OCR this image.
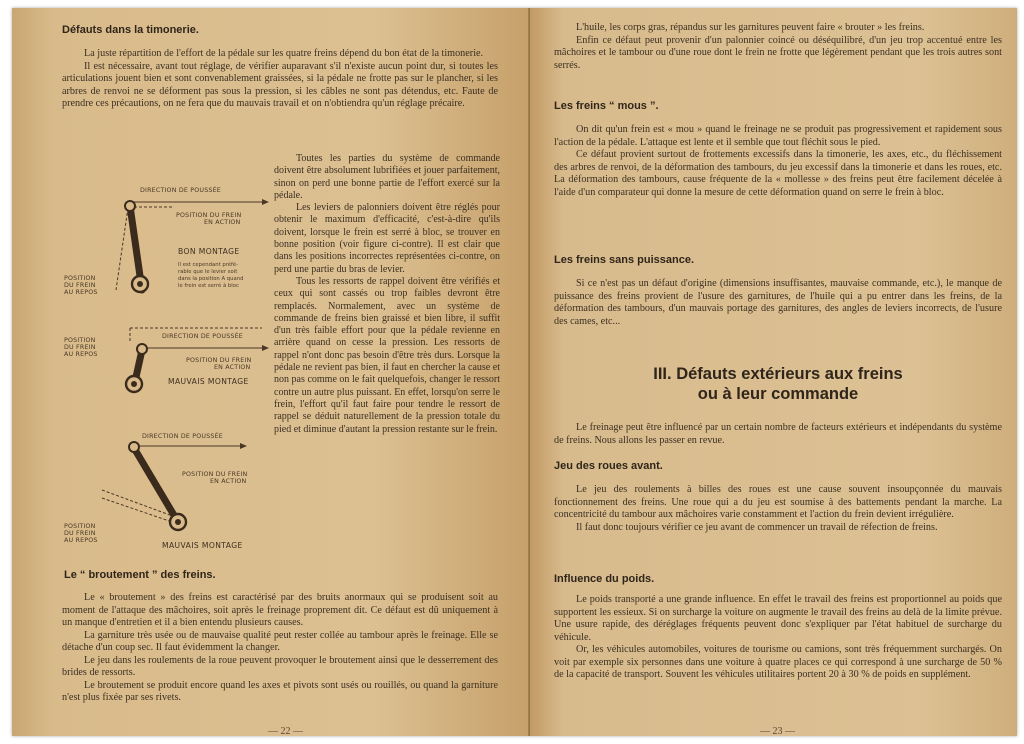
Défauts dans la timonerie.

La juste répartition de l'effort de la pédale sur les quatre freins dépend du bon état de la timonerie.

Il est nécessaire, avant tout réglage, de vérifier auparavant s'il n'existe aucun point dur, si toutes les articulations jouent bien et sont convenablement graissées, si la pédale ne frotte pas sur le plancher, si les arbres de renvoi ne se déforment pas sous la pression, si les câbles ne sont pas détendus, etc. Faute de prendre ces précautions, on ne fera que du mauvais travail et on n'obtiendra qu'un réglage précaire.

Toutes les parties du système de commande doivent être absolument lubrifiées et jouer parfaitement, sinon on perd une bonne partie de l'effort exercé sur la pédale.

Les leviers de palonniers doivent être réglés pour obtenir le maximum d'efficacité, c'est-à-dire qu'ils doivent, lorsque le frein est serré à bloc, se trouver en bonne position (voir figure ci-contre). Il est clair que dans les positions incorrectes représentées ci-contre, on perd une partie du bras de levier.

Tous les ressorts de rappel doivent être vérifiés et ceux qui sont cassés ou trop faibles devront être remplacés. Normalement, avec un système de commande de freins bien graissé et bien libre, il suffit d'un très faible effort pour que la pédale revienne en arrière quand on cesse la pression. Les ressorts de rappel n'ont donc pas besoin d'être très durs. Lorsque la pédale ne revient pas bien, il faut en chercher la cause et non pas comme on le fait quelquefois, changer le ressort contre un autre plus puissant. En effet, lorsqu'on serre le frein, l'effort qu'il faut faire pour tendre le ressort de rappel se déduit naturellement de la pression totale du pied et diminue d'autant la pression restante sur le frein.

DIRECTION DE POUSSÉE
POSITION DU FREIN
EN ACTION
BON MONTAGE
Il est cependant préfé-
rable que le levier soit
dans la position A quand
le frein est serré à bloc
POSITION
DU FREIN
AU REPOS
DIRECTION DE POUSSÉE
POSITION
DU FREIN
AU REPOS
POSITION DU FREIN
EN ACTION
MAUVAIS MONTAGE
DIRECTION DE POUSSÉE
POSITION DU FREIN
EN ACTION
POSITION
DU FREIN
AU REPOS
MAUVAIS MONTAGE
Le “ broutement ” des freins.

Le « broutement » des freins est caractérisé par des bruits anormaux qui se produisent soit au moment de l'attaque des mâchoires, soit après le freinage proprement dit. Ce défaut est dû uniquement à un manque d'entretien et il a bien entendu plusieurs causes.

La garniture très usée ou de mauvaise qualité peut rester collée au tambour après le freinage. Elle se détache d'un coup sec. Il faut évidemment la changer.

Le jeu dans les roulements de la roue peuvent provoquer le broutement ainsi que le desserrement des brides de ressorts.

Le broutement se produit encore quand les axes et pivots sont usés ou rouillés, ou quand la garniture n'est plus fixée par ses rivets.

— 22 —

L'huile, les corps gras, répandus sur les garnitures peuvent faire « brouter » les freins.

Enfin ce défaut peut provenir d'un palonnier coincé ou déséquilibré, d'un jeu trop accentué entre les mâchoires et le tambour ou d'une roue dont le frein ne frotte que légèrement pendant que les trois autres sont serrés.

Les freins “ mous ”.

On dit qu'un frein est « mou » quand le freinage ne se produit pas progressivement et rapidement sous l'action de la pédale. L'attaque est lente et il semble que tout fléchit sous le pied.

Ce défaut provient surtout de frottements excessifs dans la timonerie, les axes, etc., du fléchissement des arbres de renvoi, de la déformation des tambours, du jeu excessif dans la timonerie et dans les roues, etc. La déformation des tambours, cause fréquente de la « mollesse » des freins peut être facilement décelée à l'aide d'un comparateur qui donne la mesure de cette déformation quand on serre le frein à bloc.

Les freins sans puissance.

Si ce n'est pas un défaut d'origine (dimensions insuffisantes, mauvaise commande, etc.), le manque de puissance des freins provient de l'usure des garnitures, de l'huile qui a pu entrer dans les freins, de la déformation des tambours, d'un mauvais portage des garnitures, des angles de leviers incorrects, de l'usure des cames, etc...

III. Défauts extérieurs aux freins
ou à leur commande

Le freinage peut être influencé par un certain nombre de facteurs extérieurs et indépendants du système de freins. Nous allons les passer en revue.

Jeu des roues avant.

Le jeu des roulements à billes des roues est une cause souvent insoupçonnée du mauvais fonctionnement des freins. Une roue qui a du jeu est soumise à des battements pendant la marche. La concentricité du tambour aux mâchoires varie constamment et l'action du frein devient irrégulière.

Il faut donc toujours vérifier ce jeu avant de commencer un travail de réfection de freins.

Influence du poids.

Le poids transporté a une grande influence. En effet le travail des freins est proportionnel au poids que supportent les essieux. Si on surcharge la voiture on augmente le travail des freins au delà de la limite prévue. Une usure rapide, des déréglages fréquents peuvent donc s'expliquer par l'état habituel de surcharge du véhicule.

Or, les véhicules automobiles, voitures de tourisme ou camions, sont très fréquemment surchargés. On voit par exemple six personnes dans une voiture à quatre places ce qui correspond à une surcharge de 50 % de la capacité de transport. Souvent les véhicules utilitaires portent 20 à 30 % de poids en supplément.

— 23 —
